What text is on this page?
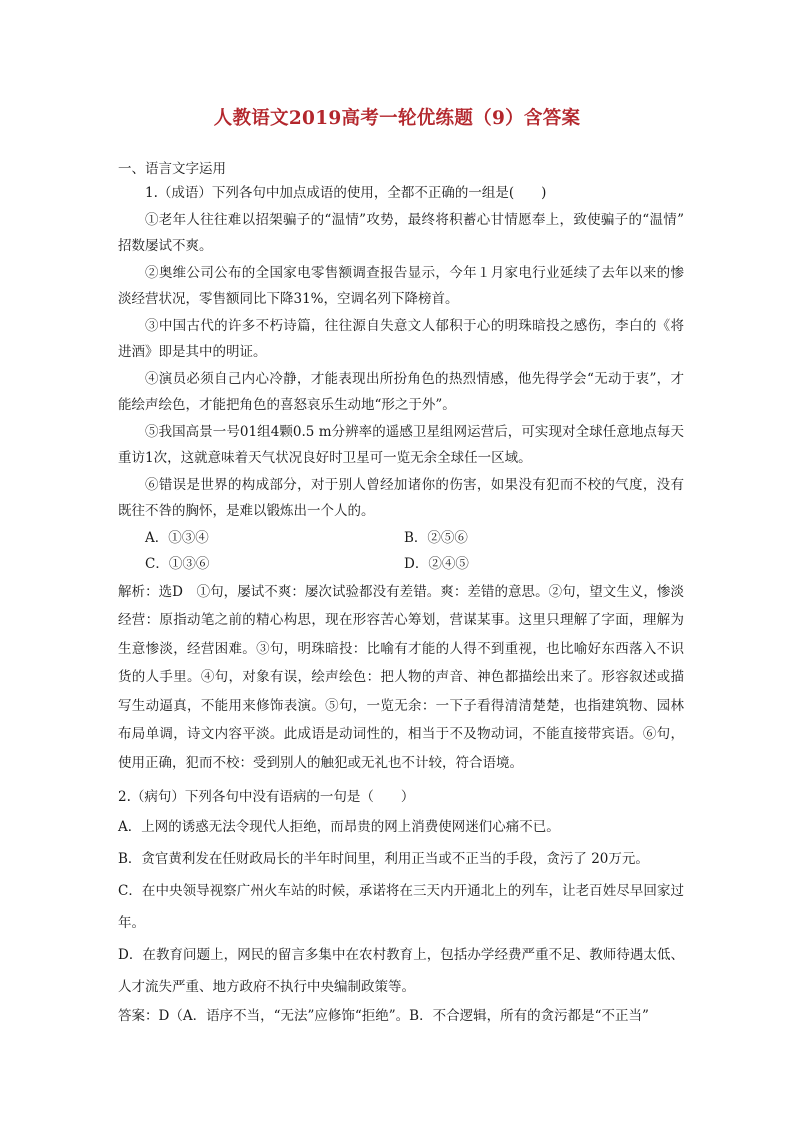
人教语文2019高考一轮优练题（9）含答案
一、语言文字运用

1.（成语）下列各句中加点成语的使用，全都不正确的一组是(　　)

①老年人往往难以招架骗子的“温情”攻势，最终将积蓄心甘情愿奉上，致使骗子的“温情” 招数屡试不爽。

②奥维公司公布的全国家电零售额调查报告显示，今年１月家电行业延续了去年以来的惨淡经营状况，零售额同比下降31%，空调名列下降榜首。

③中国古代的许多不朽诗篇，往往源自失意文人郁积于心的明珠暗投之感伤，李白的《将进酒》即是其中的明证。

④演员必须自己内心冷静，才能表现出所扮角色的热烈情感，他先得学会“无动于衷”，才能绘声绘色，才能把角色的喜怒哀乐生动地“形之于外”。

⑤我国高景一号01组4颗0.5 m分辨率的遥感卫星组网运营后，可实现对全球任意地点每天重访1次，这就意味着天气状况良好时卫星可一览无余全球任一区域。

⑥错误是世界的构成部分，对于别人曾经加诸你的伤害，如果没有犯而不校的气度，没有既往不咎的胸怀，是难以锻炼出一个人的。

A．①③④	B．②⑤⑥
C．①③⑥	D．②④⑤

解析：选D　①句，屡试不爽：屡次试验都没有差错。爽：差错的意思。②句，望文生义，惨淡经营：原指动笔之前的精心构思，现在形容苦心筹划，营谋某事。这里只理解了字面，理解为生意惨淡，经营困难。③句，明珠暗投：比喻有才能的人得不到重视，也比喻好东西落入不识货的人手里。④句，对象有误，绘声绘色：把人物的声音、神色都描绘出来了。形容叙述或描写生动逼真，不能用来修饰表演。⑤句，一览无余：一下子看得清清楚楚，也指建筑物、园林布局单调，诗文内容平淡。此成语是动词性的，相当于不及物动词，不能直接带宾语。⑥句，使用正确，犯而不校：受到别人的触犯或无礼也不计较，符合语境。

2.（病句）下列各句中没有语病的一句是（　　）

A．上网的诱惑无法令现代人拒绝，而昂贵的网上消费使网迷们心痛不已。

B．贪官黄利发在任财政局长的半年时间里，利用正当或不正当的手段，贪污了 20万元。

C．在中央领导视察广州火车站的时候，承诺将在三天内开通北上的列车，让老百姓尽早回家过年。

D．在教育问题上，网民的留言多集中在农村教育上，包括办学经费严重不足、教师待遇太低、人才流失严重、地方政府不执行中央编制政策等。

答案：D（A．语序不当，“无法”应修饰“拒绝”。B．不合逻辑，所有的贪污都是“不正当”
